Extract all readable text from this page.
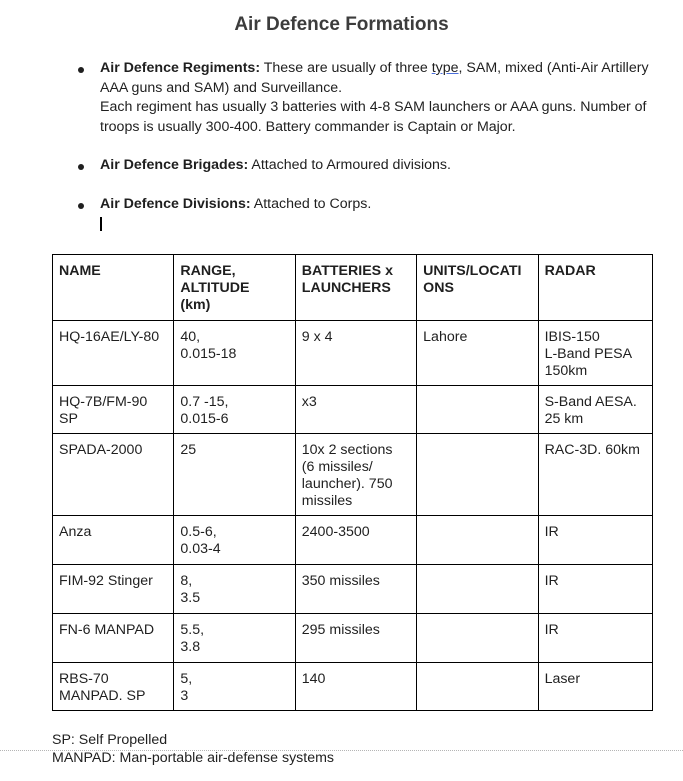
Air Defence Formations
Air Defence Regiments: These are usually of three type, SAM, mixed (Anti-Air Artillery AAA guns and SAM) and Surveillance.
Each regiment has usually 3 batteries with 4-8 SAM launchers or AAA guns. Number of troops is usually 300-400. Battery commander is Captain or Major.
Air Defence Brigades: Attached to Armoured divisions.
Air Defence Divisions: Attached to Corps.
NAME	RANGE,
ALTITUDE
(km)	BATTERIES x
LAUNCHERS	UNITS/LOCATI
ONS	RADAR

HQ-16AE/LY-80	40,
0.015-18	9 x 4	Lahore	IBIS-150
L-Band PESA
150km

HQ-7B/FM-90
SP	0.7 -15,
0.015-6	x3		S-Band AESA.
25 km

SPADA-2000	25	10x 2 sections
(6 missiles/
launcher). 750
missiles		RAC-3D. 60km

Anza	0.5-6,
0.03-4	2400-3500		IR

FIM-92 Stinger	8,
3.5	350 missiles		IR

FN-6 MANPAD	5.5,
3.8	295 missiles		IR

RBS-70
MANPAD. SP	5,
3	140		Laser
SP: Self Propelled
MANPAD: Man-portable air-defense systems
